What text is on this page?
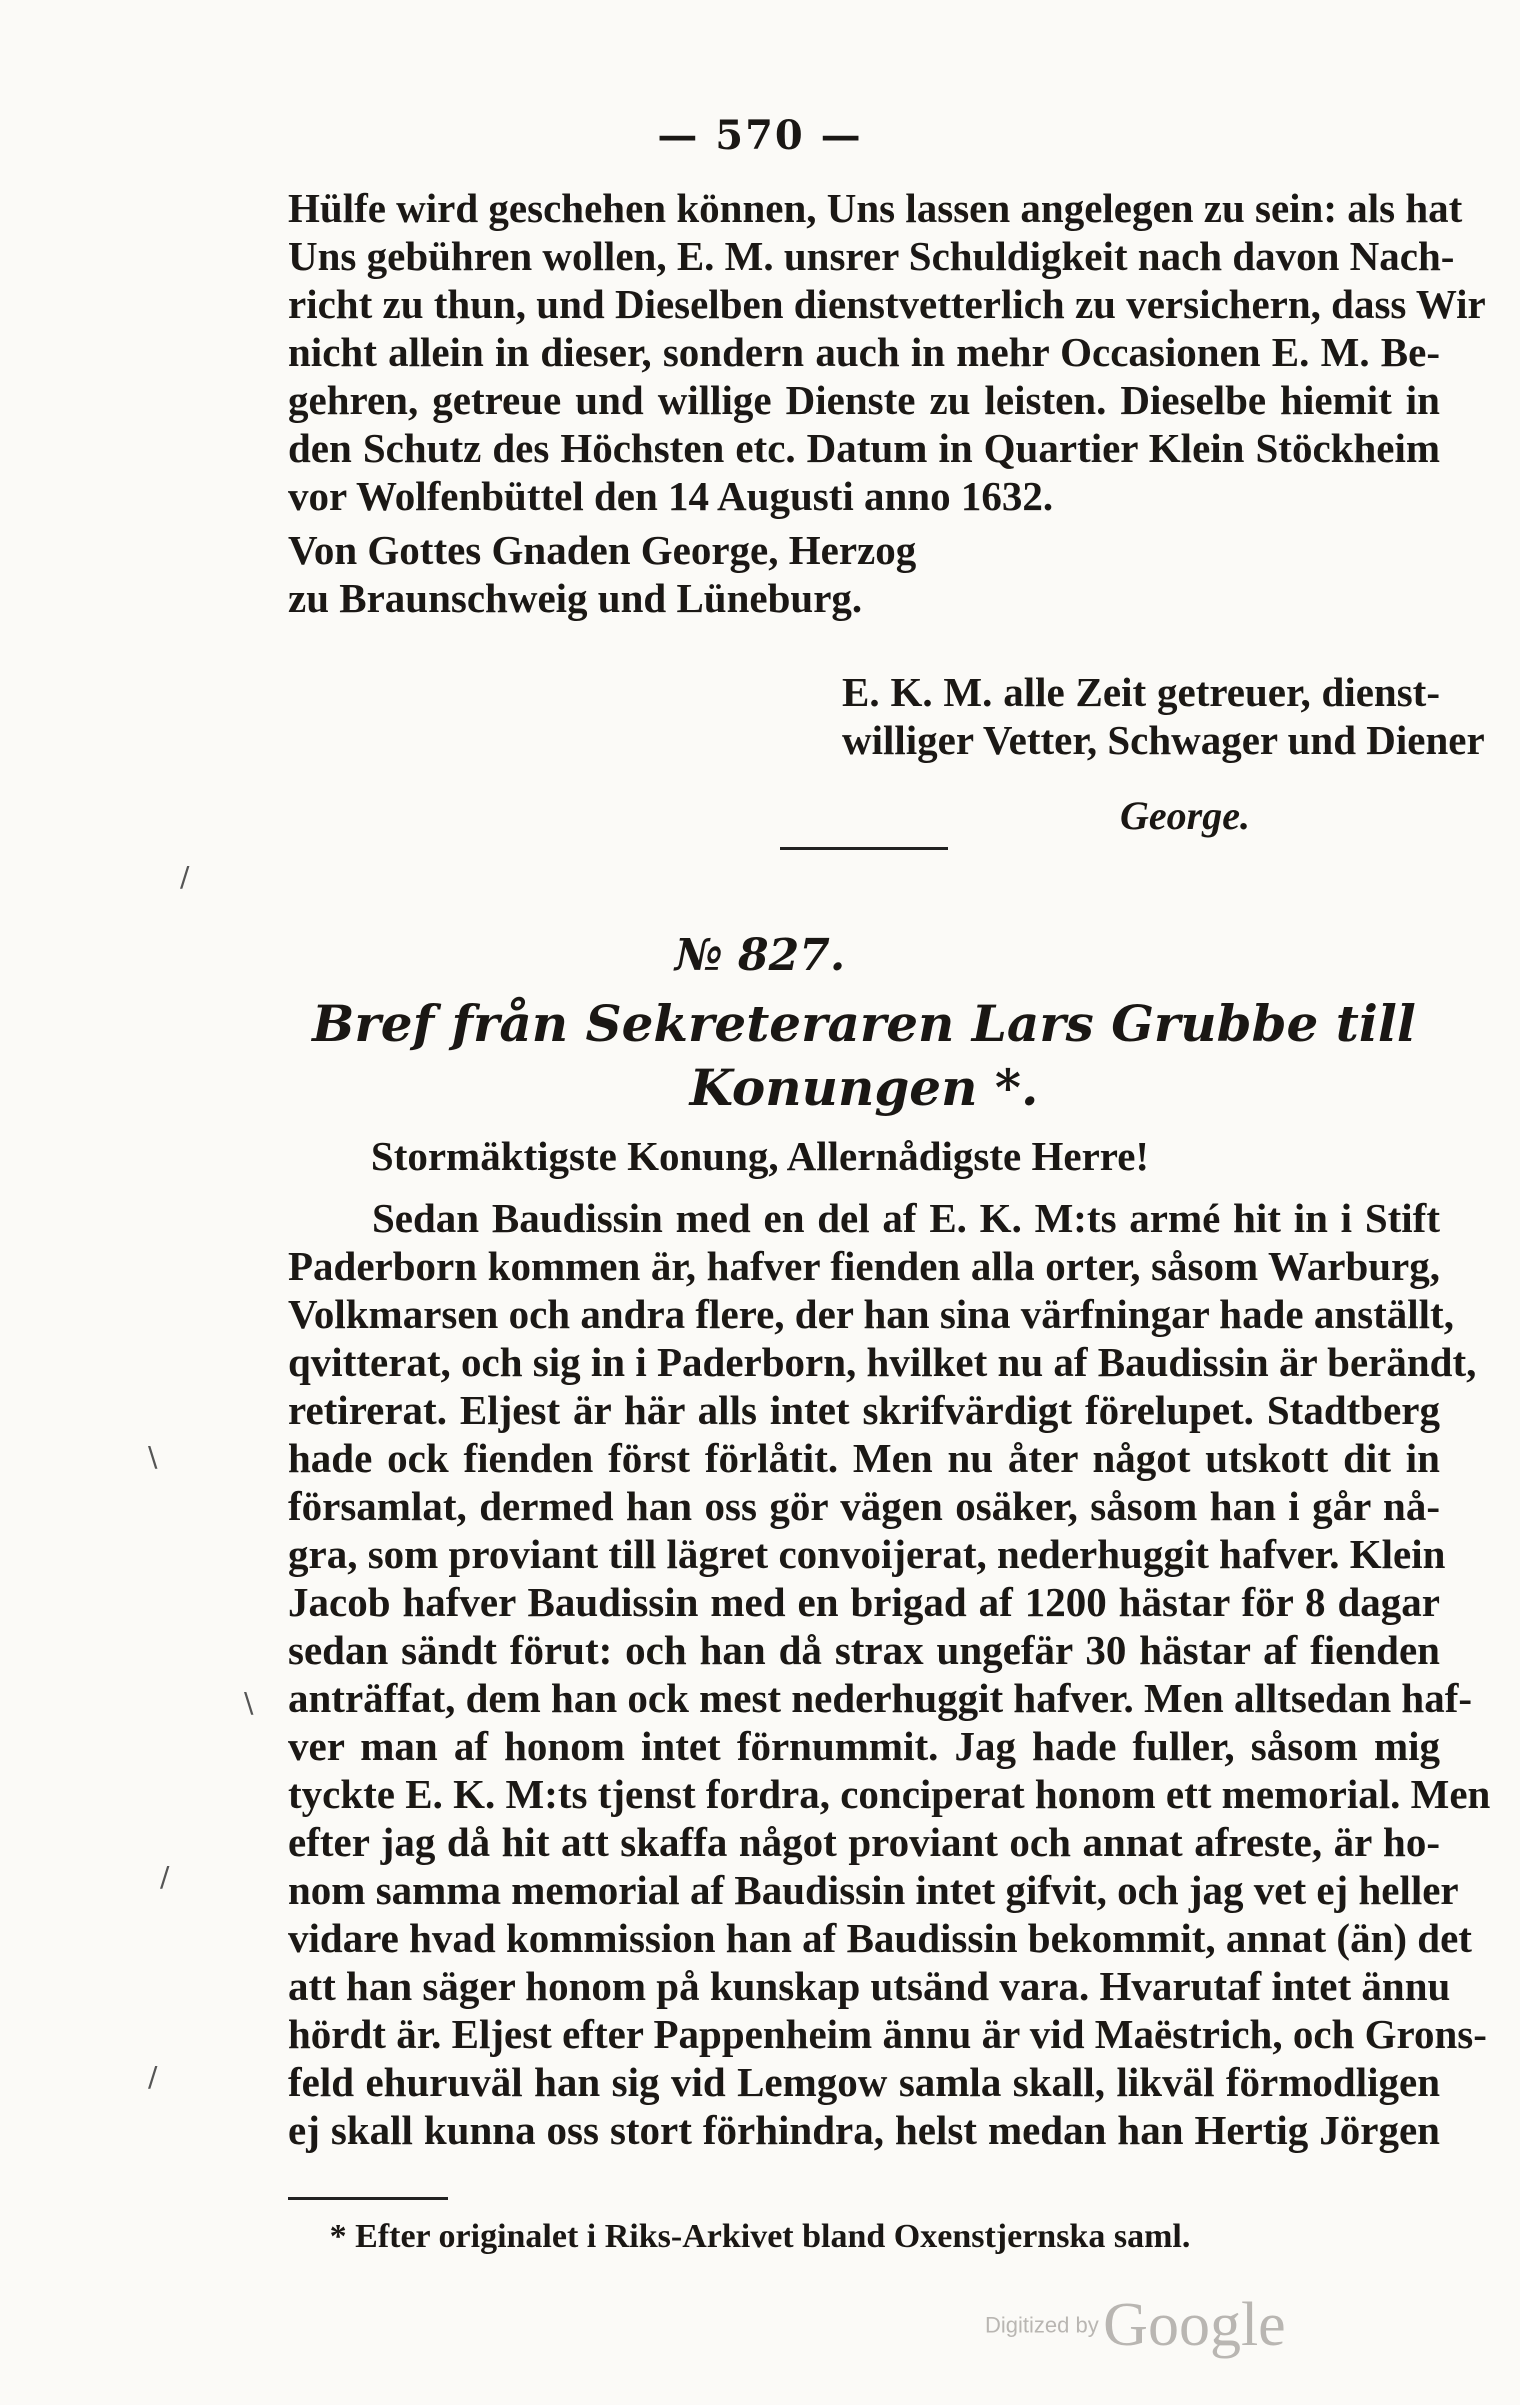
— 570 —
Hülfe wird geschehen können, Uns lassen angelegen zu sein: als hat
Uns gebühren wollen, E. M. unsrer Schuldigkeit nach davon Nach-
richt zu thun, und Dieselben dienstvetterlich zu versichern, dass Wir
nicht allein in dieser, sondern auch in mehr Occasionen E. M. Be-
gehren, getreue und willige Dienste zu leisten. Dieselbe hiemit in
den Schutz des Höchsten etc. Datum in Quartier Klein Stöckheim
vor Wolfenbüttel den 14 Augusti anno 1632.
Von Gottes Gnaden George, Herzog
zu Braunschweig und Lüneburg.
E. K. M. alle Zeit getreuer, dienst-
williger Vetter, Schwager und Diener
George.
№ 827.
Bref från Sekreteraren Lars Grubbe till
Konungen *.
Stormäktigste Konung, Allernådigste Herre!
Sedan Baudissin med en del af E. K. M:ts armé hit in i Stift
Paderborn kommen är, hafver fienden alla orter, såsom Warburg,
Volkmarsen och andra flere, der han sina värfningar hade anställt,
qvitterat, och sig in i Paderborn, hvilket nu af Baudissin är berändt,
retirerat. Eljest är här alls intet skrifvärdigt förelupet. Stadtberg
hade ock fienden först förlåtit. Men nu åter något utskott dit in
församlat, dermed han oss gör vägen osäker, såsom han i går nå-
gra, som proviant till lägret convoijerat, nederhuggit hafver. Klein
Jacob hafver Baudissin med en brigad af 1200 hästar för 8 dagar
sedan sändt förut: och han då strax ungefär 30 hästar af fienden
anträffat, dem han ock mest nederhuggit hafver. Men alltsedan haf-
ver man af honom intet förnummit. Jag hade fuller, såsom mig
tyckte E. K. M:ts tjenst fordra, conciperat honom ett memorial. Men
efter jag då hit att skaffa något proviant och annat afreste, är ho-
nom samma memorial af Baudissin intet gifvit, och jag vet ej heller
vidare hvad kommission han af Baudissin bekommit, annat (än) det
att han säger honom på kunskap utsänd vara. Hvarutaf intet ännu
hördt är. Eljest efter Pappenheim ännu är vid Maëstrich, och Grons-
feld ehuruväl han sig vid Lemgow samla skall, likväl förmodligen
ej skall kunna oss stort förhindra, helst medan han Hertig Jörgen
* Efter originalet i Riks-Arkivet bland Oxenstjernska saml.
Digitized by Google
/
\
\
/
/
